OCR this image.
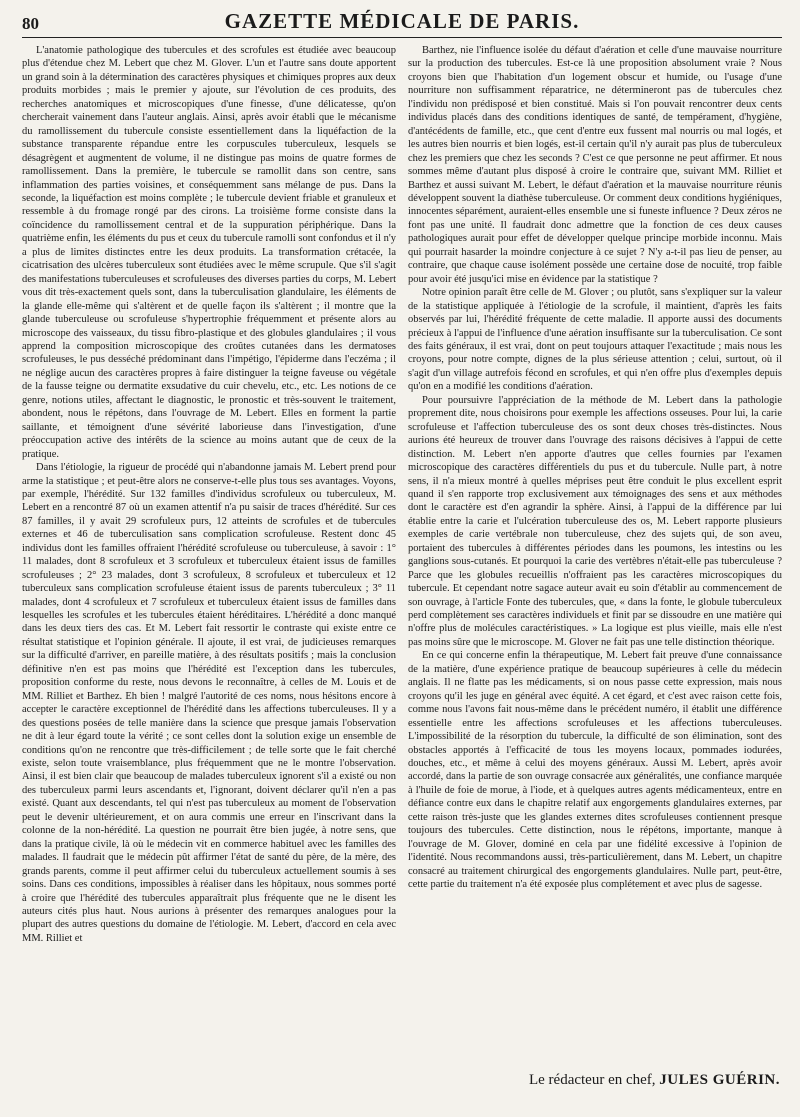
80	GAZETTE MÉDICALE DE PARIS.

L'anatomie pathologique des tubercules et des scrofules est étudiée avec beaucoup plus d'étendue chez M. Lebert que chez M. Glover. L'un et l'autre sans doute apportent un grand soin à la détermination des caractères physiques et chimiques propres aux deux produits morbides ; mais le premier y ajoute, sur l'évolution de ces produits, des recherches anatomiques et microscopiques d'une finesse, d'une délicatesse, qu'on chercherait vainement dans l'auteur anglais. Ainsi, après avoir établi que le mécanisme du ramollissement du tubercule consiste essentiellement dans la liquéfaction de la substance transparente répandue entre les corpuscules tuberculeux, lesquels se désagrègent et augmentent de volume, il ne distingue pas moins de quatre formes de ramollissement. Dans la première, le tubercule se ramollit dans son centre, sans inflammation des parties voisines, et conséquemment sans mélange de pus. Dans la seconde, la liquéfaction est moins complète ; le tubercule devient friable et granuleux et ressemble à du fromage rongé par des cirons. La troisième forme consiste dans la coïncidence du ramollissement central et de la suppuration périphérique. Dans la quatrième enfin, les éléments du pus et ceux du tubercule ramolli sont confondus et il n'y a plus de limites distinctes entre les deux produits. La transformation crétacée, la cicatrisation des ulcères tuberculeux sont étudiées avec le même scrupule. Que s'il s'agit des manifestations tuberculeuses et scrofuleuses des diverses parties du corps, M. Lebert vous dit très-exactement quels sont, dans la tuberculisation glandulaire, les éléments de la glande elle-même qui s'altèrent et de quelle façon ils s'altèrent ; il montre que la glande tuberculeuse ou scrofuleuse s'hypertrophie fréquemment et présente alors au microscope des vaisseaux, du tissu fibro-plastique et des globules glandulaires ; il vous apprend la composition microscopique des croûtes cutanées dans les dermatoses scrofuleuses, le pus desséché prédominant dans l'impétigo, l'épiderme dans l'eczéma ; il ne néglige aucun des caractères propres à faire distinguer la teigne faveuse ou végétale de la fausse teigne ou dermatite exsudative du cuir chevelu, etc., etc. Les notions de ce genre, notions utiles, affectant le diagnostic, le pronostic et très-souvent le traitement, abondent, nous le répétons, dans l'ouvrage de M. Lebert. Elles en forment la partie saillante, et témoignent d'une sévérité laborieuse dans l'investigation, d'une préoccupation active des intérêts de la science au moins autant que de ceux de la pratique.

Dans l'étiologie, la rigueur de procédé qui n'abandonne jamais M. Lebert prend pour arme la statistique ; et peut-être alors ne conserve-t-elle plus tous ses avantages. Voyons, par exemple, l'hérédité. Sur 132 familles d'individus scrofuleux ou tuberculeux, M. Lebert en a rencontré 87 où un examen attentif n'a pu saisir de traces d'hérédité. Sur ces 87 familles, il y avait 29 scrofuleux purs, 12 atteints de scrofules et de tubercules externes et 46 de tuberculisation sans complication scrofuleuse. Restent donc 45 individus dont les familles offraient l'hérédité scrofuleuse ou tuberculeuse, à savoir : 1° 11 malades, dont 8 scrofuleux et 3 scrofuleux et tuberculeux étaient issus de familles scrofuleuses ; 2° 23 malades, dont 3 scrofuleux, 8 scrofuleux et tuberculeux et 12 tuberculeux sans complication scrofuleuse étaient issus de parents tuberculeux ; 3° 11 malades, dont 4 scrofuleux et 7 scrofuleux et tuberculeux étaient issus de familles dans lesquelles les scrofules et les tubercules étaient héréditaires. L'hérédité a donc manqué dans les deux tiers des cas. Et M. Lebert fait ressortir le contraste qui existe entre ce résultat statistique et l'opinion générale. Il ajoute, il est vrai, de judicieuses remarques sur la difficulté d'arriver, en pareille matière, à des résultats positifs ; mais la conclusion définitive n'en est pas moins que l'hérédité est l'exception dans les tubercules, proposition conforme du reste, nous devons le reconnaître, à celles de M. Louis et de MM. Rilliet et Barthez. Eh bien ! malgré l'autorité de ces noms, nous hésitons encore à accepter le caractère exceptionnel de l'hérédité dans les affections tuberculeuses. Il y a des questions posées de telle manière dans la science que presque jamais l'observation ne dit à leur égard toute la vérité ; ce sont celles dont la solution exige un ensemble de conditions qu'on ne rencontre que très-difficilement ; de telle sorte que le fait cherché existe, selon toute vraisemblance, plus fréquemment que ne le montre l'observation. Ainsi, il est bien clair que beaucoup de malades tuberculeux ignorent s'il a existé ou non des tuberculeux parmi leurs ascendants et, l'ignorant, doivent déclarer qu'il n'en a pas existé. Quant aux descendants, tel qui n'est pas tuberculeux au moment de l'observation peut le devenir ultérieurement, et on aura commis une erreur en l'inscrivant dans la colonne de la non-hérédité. La question ne pourrait être bien jugée, à notre sens, que dans la pratique civile, là où le médecin vit en commerce habituel avec les familles des malades. Il faudrait que le médecin pût affirmer l'état de santé du père, de la mère, des grands parents, comme il peut affirmer celui du tuberculeux actuellement soumis à ses soins. Dans ces conditions, impossibles à réaliser dans les hôpitaux, nous sommes porté à croire que l'hérédité des tubercules apparaîtrait plus fréquente que ne le disent les auteurs cités plus haut. Nous aurions à présenter des remarques analogues pour la plupart des autres questions du domaine de l'étiologie. M. Lebert, d'accord en cela avec MM. Rilliet et

Barthez, nie l'influence isolée du défaut d'aération et celle d'une mauvaise nourriture sur la production des tubercules. Est-ce là une proposition absolument vraie ? Nous croyons bien que l'habitation d'un logement obscur et humide, ou l'usage d'une nourriture non suffisamment réparatrice, ne détermineront pas de tubercules chez l'individu non prédisposé et bien constitué. Mais si l'on pouvait rencontrer deux cents individus placés dans des conditions identiques de santé, de tempérament, d'hygiène, d'antécédents de famille, etc., que cent d'entre eux fussent mal nourris ou mal logés, et les autres bien nourris et bien logés, est-il certain qu'il n'y aurait pas plus de tuberculeux chez les premiers que chez les seconds ? C'est ce que personne ne peut affirmer. Et nous sommes même d'autant plus disposé à croire le contraire que, suivant MM. Rilliet et Barthez et aussi suivant M. Lebert, le défaut d'aération et la mauvaise nourriture réunis développent souvent la diathèse tuberculeuse. Or comment deux conditions hygiéniques, innocentes séparément, auraient-elles ensemble une si funeste influence ? Deux zéros ne font pas une unité. Il faudrait donc admettre que la fonction de ces deux causes pathologiques aurait pour effet de développer quelque principe morbide inconnu. Mais qui pourrait hasarder la moindre conjecture à ce sujet ? N'y a-t-il pas lieu de penser, au contraire, que chaque cause isolément possède une certaine dose de nocuité, trop faible pour avoir été jusqu'ici mise en évidence par la statistique ?

Notre opinion paraît être celle de M. Glover ; ou plutôt, sans s'expliquer sur la valeur de la statistique appliquée à l'étiologie de la scrofule, il maintient, d'après les faits observés par lui, l'hérédité fréquente de cette maladie. Il apporte aussi des documents précieux à l'appui de l'influence d'une aération insuffisante sur la tuberculisation. Ce sont des faits généraux, il est vrai, dont on peut toujours attaquer l'exactitude ; mais nous les croyons, pour notre compte, dignes de la plus sérieuse attention ; celui, surtout, où il s'agit d'un village autrefois fécond en scrofules, et qui n'en offre plus d'exemples depuis qu'on en a modifié les conditions d'aération.

Pour poursuivre l'appréciation de la méthode de M. Lebert dans la pathologie proprement dite, nous choisirons pour exemple les affections osseuses. Pour lui, la carie scrofuleuse et l'affection tuberculeuse des os sont deux choses très-distinctes. Nous aurions été heureux de trouver dans l'ouvrage des raisons décisives à l'appui de cette distinction. M. Lebert n'en apporte d'autres que celles fournies par l'examen microscopique des caractères différentiels du pus et du tubercule. Nulle part, à notre sens, il n'a mieux montré à quelles méprises peut être conduit le plus excellent esprit quand il s'en rapporte trop exclusivement aux témoignages des sens et aux méthodes dont le caractère est d'en agrandir la sphère. Ainsi, à l'appui de la différence par lui établie entre la carie et l'ulcération tuberculeuse des os, M. Lebert rapporte plusieurs exemples de carie vertébrale non tuberculeuse, chez des sujets qui, de son aveu, portaient des tubercules à différentes périodes dans les poumons, les intestins ou les ganglions sous-cutanés. Et pourquoi la carie des vertèbres n'était-elle pas tuberculeuse ? Parce que les globules recueillis n'offraient pas les caractères microscopiques du tubercule. Et cependant notre sagace auteur avait eu soin d'établir au commencement de son ouvrage, à l'article Fonte des tubercules, que, « dans la fonte, le globule tuberculeux perd complètement ses caractères individuels et finit par se dissoudre en une matière qui n'offre plus de molécules caractéristiques. » La logique est plus vieille, mais elle n'est pas moins sûre que le microscope. M. Glover ne fait pas une telle distinction théorique.

En ce qui concerne enfin la thérapeutique, M. Lebert fait preuve d'une connaissance de la matière, d'une expérience pratique de beaucoup supérieures à celle du médecin anglais. Il ne flatte pas les médicaments, si on nous passe cette expression, mais nous croyons qu'il les juge en général avec équité. A cet égard, et c'est avec raison cette fois, comme nous l'avons fait nous-même dans le précédent numéro, il établit une différence essentielle entre les affections scrofuleuses et les affections tuberculeuses. L'impossibilité de la résorption du tubercule, la difficulté de son élimination, sont des obstacles apportés à l'efficacité de tous les moyens locaux, pommades iodurées, douches, etc., et même à celui des moyens généraux. Aussi M. Lebert, après avoir accordé, dans la partie de son ouvrage consacrée aux généralités, une confiance marquée à l'huile de foie de morue, à l'iode, et à quelques autres agents médicamenteux, entre en défiance contre eux dans le chapitre relatif aux engorgements glandulaires externes, par cette raison très-juste que les glandes externes dites scrofuleuses contiennent presque toujours des tubercules. Cette distinction, nous le répétons, importante, manque à l'ouvrage de M. Glover, dominé en cela par une fidélité excessive à l'opinion de l'identité. Nous recommandons aussi, très-particulièrement, dans M. Lebert, un chapitre consacré au traitement chirurgical des engorgements glandulaires. Nulle part, peut-être, cette partie du traitement n'a été exposée plus complétement et avec plus de sagesse.

Le rédacteur en chef, JULES GUÉRIN.
